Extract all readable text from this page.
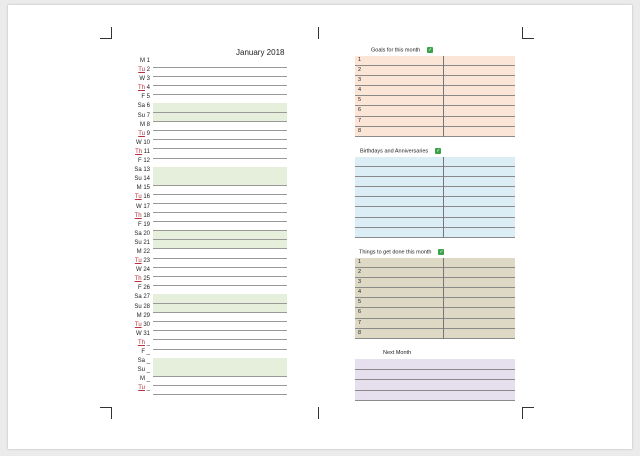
January 2018
M 1
Tu 2
W 3
Th 4
F 5
Sa 6
Su 7
M 8
Tu 9
W 10
Th 11
F 12
Sa 13
Su 14
M 15
Tu 16
W 17
Th 18
F 19
Sa 20
Su 21
M 22
Tu 23
W 24
Th 25
F 26
Sa 27
Su 28
M 29
Tu 30
W 31
Th _
F _
Sa _
Su _
M _
Tu _
Goals for this month ✓
1
2
3
4
5
6
7
8
Birthdays and Anniversaries ✓
Things to get done this month ✓
1
2
3
4
5
6
7
8
Next Month
